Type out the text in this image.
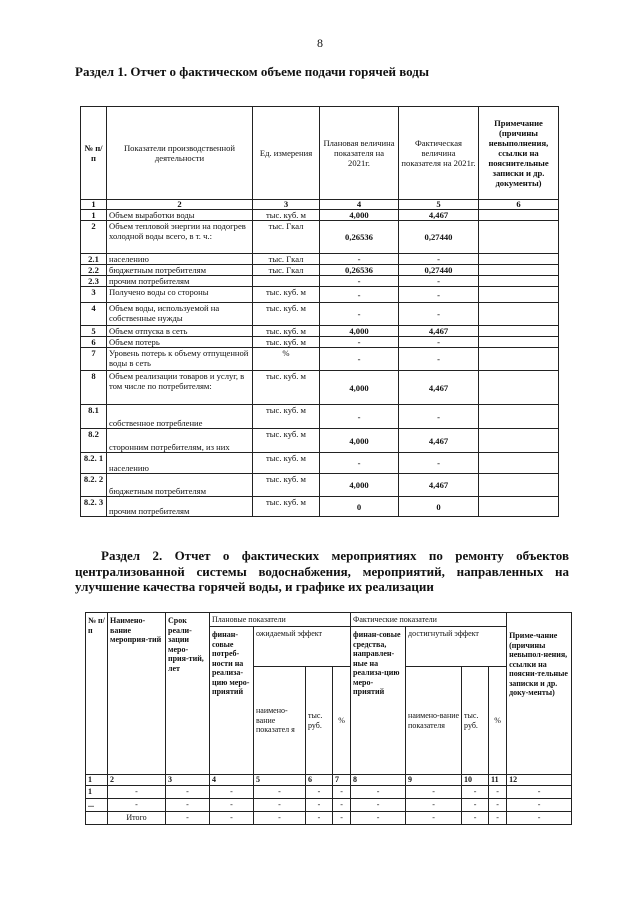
8
Раздел 1. Отчет о фактическом объеме подачи горячей воды
№ п/п	Показатели производственной деятельности	Ед. измерения	Плановая величина показателя на 2021г.	Фактическая величина показателя на 2021г.	Примечание (причины невыполнения, ссылки на пояснительные записки и др. документы)
1	2	3	4	5	6
1	Объем выработки воды	тыс. куб. м	4,000	4,467	
2	Объем тепловой энергии на подогрев холодной воды всего, в т. ч.:	тыс. Гкал	0,26536	0,27440	
2.1	населению	тыс. Гкал	-	-	
2.2	бюджетным потребителям	тыс. Гкал	0,26536	0,27440	
2.3	прочим потребителям		-	-	
3	Получено воды со стороны	тыс. куб. м	-	-	
4	Объем воды, используемой на собственные нужды	тыс. куб. м	-	-	
5	Объем отпуска в сеть	тыс. куб. м	4,000	4,467	
6	Объем потерь	тыс. куб. м	-	-	
7	Уровень потерь к объему отпущенной воды в сеть	%	-	-	
8	Объем реализации товаров и услуг, в том числе по потребителям:	тыс. куб. м	4,000	4,467	
8.1	собственное потребление	тыс. куб. м	-	-	
8.2	сторонним потребителям, из них	тыс. куб. м	4,000	4,467	
8.2. 1	населению	тыс. куб. м	-	-	
8.2. 2	бюджетным потребителям	тыс. куб. м	4,000	4,467	
8.2. 3	прочим потребителям	тыс. куб. м	0	0	
Раздел 2. Отчет о фактических мероприятиях по ремонту объектов централизованной системы водоснабжения, мероприятий, направленных на улучшение качества горячей воды, и графике их реализации
№ п/п	Наимено-вание мероприя-тий	Срок реали-зации меро-прия-тий, лет	Плановые показатели				Фактические показатели				Приме-чание (причины невыпол-нения, ссылки на поясни-тельные записки и др. доку-менты)
			финан-совые потреб-ности на реализа-цию меро-приятий	ожидаемый эффект			финан-совые средства, направлен-ные на реализа-цию меро-приятий	достигнутый эффект			
				наимено-вание показател я	тыс. руб.	%		наимено-вание показателя	тыс. руб.	%	
1	2	3	4	5	6	7	8	9	10	11	12
1	-	-	-	-	-	-	-	-	-	-	-
...	-	-	-	-	-	-	-	-	-	-	-
	Итого	-	-	-	-	-	-	-	-	-	-
